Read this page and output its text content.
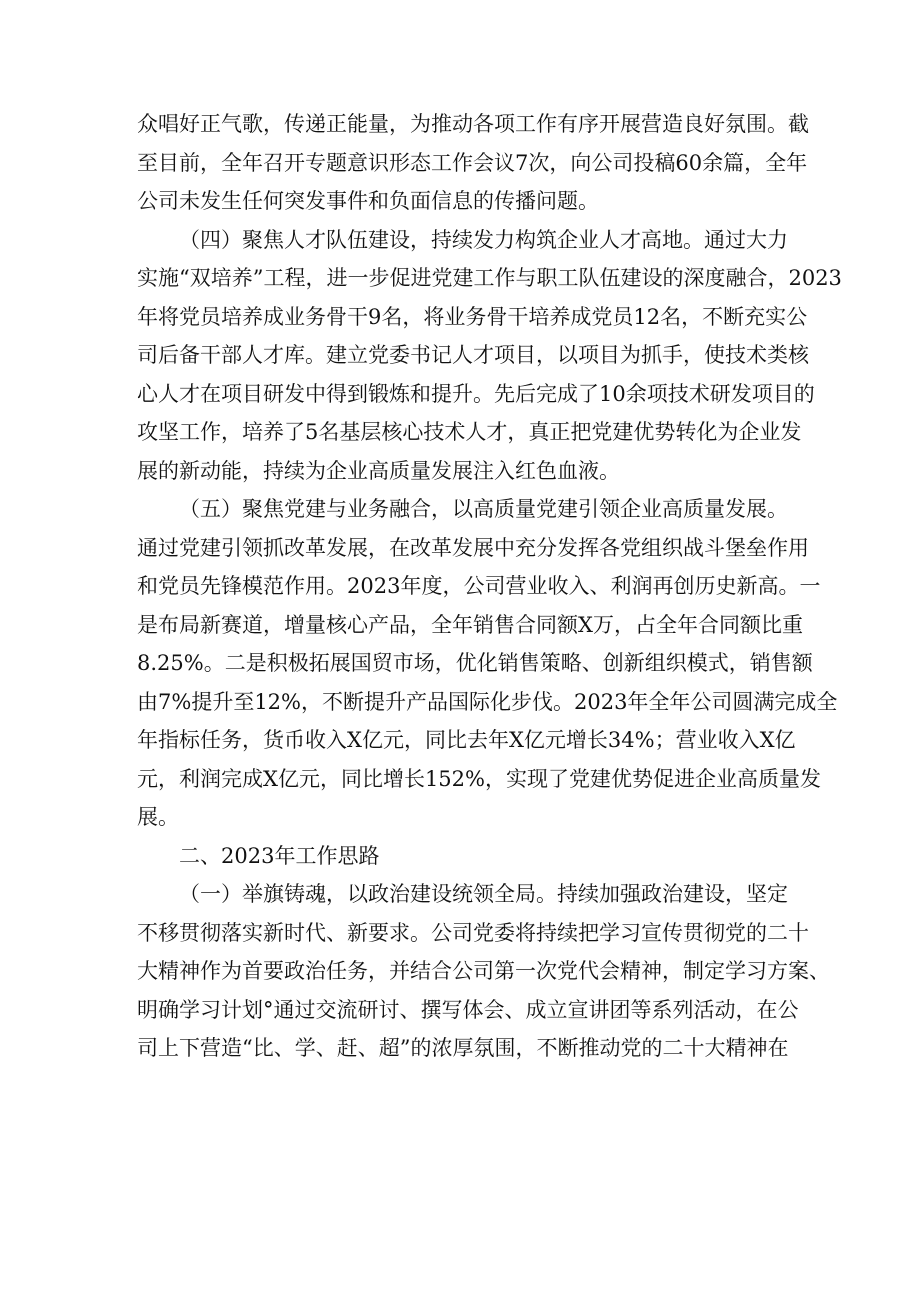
众唱好正气歌，传递正能量，为推动各项工作有序开展营造良好氛围。截
至目前，全年召开专题意识形态工作会议7次，向公司投稿60余篇，全年
公司未发生任何突发事件和负面信息的传播问题。
（四）聚焦人才队伍建设，持续发力构筑企业人才高地。通过大力
实施“双培养”工程，进一步促进党建工作与职工队伍建设的深度融合，2023
年将党员培养成业务骨干9名，将业务骨干培养成党员12名，不断充实公
司后备干部人才库。建立党委书记人才项目，以项目为抓手，使技术类核
心人才在项目研发中得到锻炼和提升。先后完成了10余项技术研发项目的
攻坚工作，培养了5名基层核心技术人才，真正把党建优势转化为企业发
展的新动能，持续为企业高质量发展注入红色血液。
（五）聚焦党建与业务融合，以高质量党建引领企业高质量发展。
通过党建引领抓改革发展，在改革发展中充分发挥各党组织战斗堡垒作用
和党员先锋模范作用。2023年度，公司营业收入、利润再创历史新高。一
是布局新赛道，增量核心产品，全年销售合同额X万，占全年合同额比重
8.25%。二是积极拓展国贸市场，优化销售策略、创新组织模式，销售额
由7%提升至12%，不断提升产品国际化步伐。2023年全年公司圆满完成全
年指标任务，货币收入X亿元，同比去年X亿元增长34%；营业收入X亿
元，利润完成X亿元，同比增长152%，实现了党建优势促进企业高质量发
展。
二、2023年工作思路
（一）举旗铸魂，以政治建设统领全局。持续加强政治建设，坚定
不移贯彻落实新时代、新要求。公司党委将持续把学习宣传贯彻党的二十
大精神作为首要政治任务，并结合公司第一次党代会精神，制定学习方案、
明确学习计划°通过交流研讨、撰写体会、成立宣讲团等系列活动，在公
司上下营造“比、学、赶、超”的浓厚氛围，不断推动党的二十大精神在
